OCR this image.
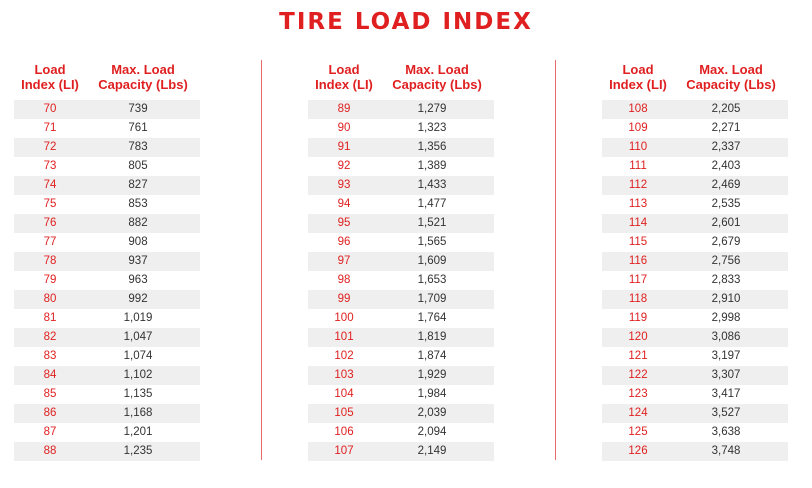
TIRE LOAD INDEX
Load
Index (LI)
Max. Load
Capacity (Lbs)
70	739
71	761
72	783
73	805
74	827
75	853
76	882
77	908
78	937
79	963
80	992
81	1,019
82	1,047
83	1,074
84	1,102
85	1,135
86	1,168
87	1,201
88	1,235
Load
Index (LI)
Max. Load
Capacity (Lbs)
89	1,279
90	1,323
91	1,356
92	1,389
93	1,433
94	1,477
95	1,521
96	1,565
97	1,609
98	1,653
99	1,709
100	1,764
101	1,819
102	1,874
103	1,929
104	1,984
105	2,039
106	2,094
107	2,149
Load
Index (LI)
Max. Load
Capacity (Lbs)
108	2,205
109	2,271
110	2,337
111	2,403
112	2,469
113	2,535
114	2,601
115	2,679
116	2,756
117	2,833
118	2,910
119	2,998
120	3,086
121	3,197
122	3,307
123	3,417
124	3,527
125	3,638
126	3,748
